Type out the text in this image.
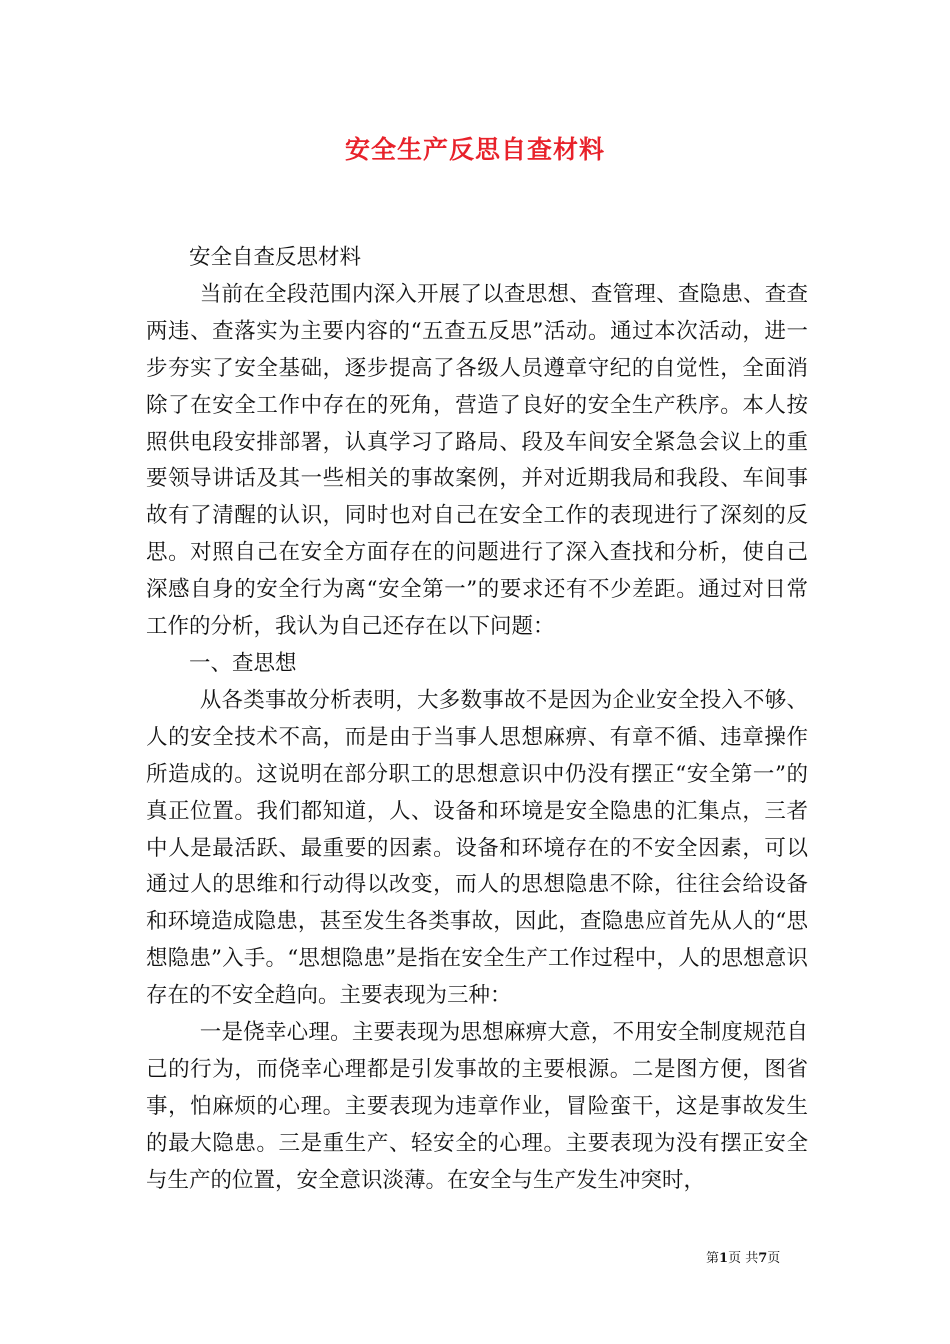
安全生产反思自查材料

安全自查反思材料

当前在全段范围内深入开展了以查思想、查管理、查隐患、查查两违、查落实为主要内容的“五查五反思”活动。通过本次活动，进一步夯实了安全基础，逐步提高了各级人员遵章守纪的自觉性，全面消除了在安全工作中存在的死角，营造了良好的安全生产秩序。本人按照供电段安排部署，认真学习了路局、段及车间安全紧急会议上的重要领导讲话及其一些相关的事故案例，并对近期我局和我段、车间事故有了清醒的认识，同时也对自己在安全工作的表现进行了深刻的反思。对照自己在安全方面存在的问题进行了深入查找和分析，使自己深感自身的安全行为离“安全第一”的要求还有不少差距。通过对日常工作的分析，我认为自己还存在以下问题：

一、查思想

从各类事故分析表明，大多数事故不是因为企业安全投入不够、人的安全技术不高，而是由于当事人思想麻痹、有章不循、违章操作所造成的。这说明在部分职工的思想意识中仍没有摆正“安全第一”的真正位置。我们都知道，人、设备和环境是安全隐患的汇集点，三者中人是最活跃、最重要的因素。设备和环境存在的不安全因素，可以通过人的思维和行动得以改变，而人的思想隐患不除，往往会给设备和环境造成隐患，甚至发生各类事故，因此，查隐患应首先从人的“思想隐患”入手。“思想隐患”是指在安全生产工作过程中，人的思想意识存在的不安全趋向。主要表现为三种：

一是侥幸心理。主要表现为思想麻痹大意，不用安全制度规范自己的行为，而侥幸心理都是引发事故的主要根源。二是图方便，图省事，怕麻烦的心理。主要表现为违章作业，冒险蛮干，这是事故发生的最大隐患。三是重生产、轻安全的心理。主要表现为没有摆正安全与生产的位置，安全意识淡薄。在安全与生产发生冲突时，

第1页 共7页
